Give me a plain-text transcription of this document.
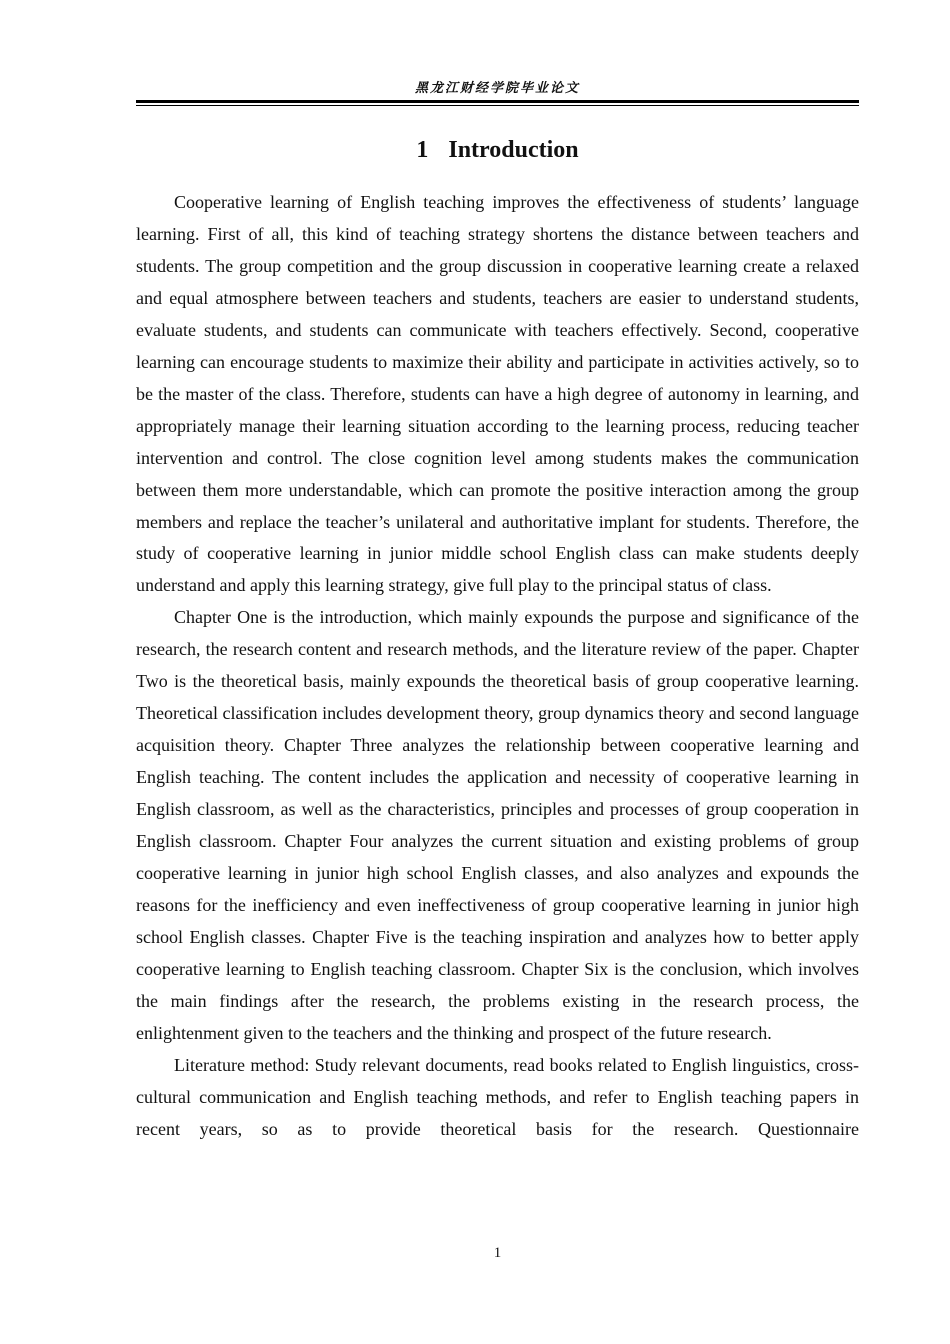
黑龙江财经学院毕业论文
1 Introduction

Cooperative learning of English teaching improves the effectiveness of students’ language learning. First of all, this kind of teaching strategy shortens the distance between teachers and students. The group competition and the group discussion in cooperative learning create a relaxed and equal atmosphere between teachers and students, teachers are easier to understand students, evaluate students, and students can communicate with teachers effectively. Second, cooperative learning can encourage students to maximize their ability and participate in activities actively, so to be the master of the class. Therefore, students can have a high degree of autonomy in learning, and appropriately manage their learning situation according to the learning process, reducing teacher intervention and control. The close cognition level among students makes the communication between them more understandable, which can promote the positive interaction among the group members and replace the teacher’s unilateral and authoritative implant for students. Therefore, the study of cooperative learning in junior middle school English class can make students deeply understand and apply this learning strategy, give full play to the principal status of class.

Chapter One is the introduction, which mainly expounds the purpose and significance of the research, the research content and research methods, and the literature review of the paper. Chapter Two is the theoretical basis, mainly expounds the theoretical basis of group cooperative learning. Theoretical classification includes development theory, group dynamics theory and second language acquisition theory. Chapter Three analyzes the relationship between cooperative learning and English teaching. The content includes the application and necessity of cooperative learning in English classroom, as well as the characteristics, principles and processes of group cooperation in English classroom. Chapter Four analyzes the current situation and existing problems of group cooperative learning in junior high school English classes, and also analyzes and expounds the reasons for the inefficiency and even ineffectiveness of group cooperative learning in junior high school English classes. Chapter Five is the teaching inspiration and analyzes how to better apply cooperative learning to English teaching classroom. Chapter Six is the conclusion, which involves the main findings after the research, the problems existing in the research process, the enlightenment given to the teachers and the thinking and prospect of the future research.

Literature method: Study relevant documents, read books related to English linguistics, cross-cultural communication and English teaching methods, and refer to English teaching papers in recent years, so as to provide theoretical basis for the research. Questionnaire

1
